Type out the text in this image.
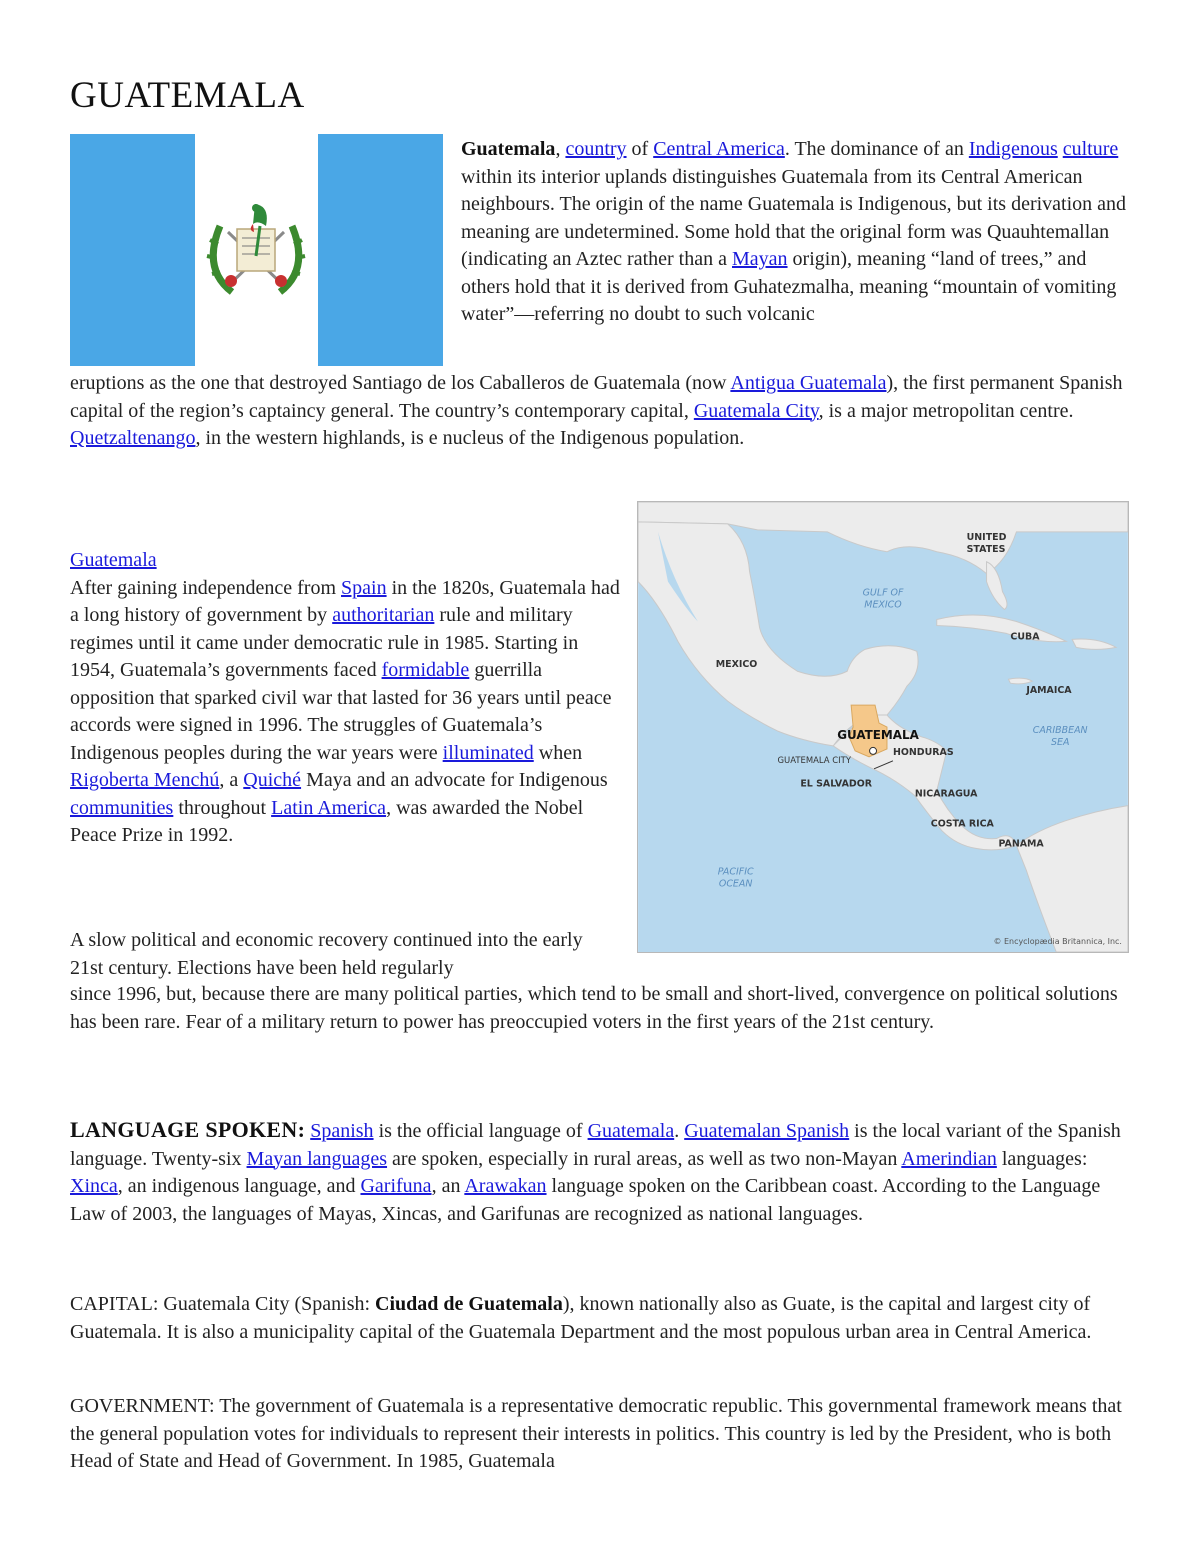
GUATEMALA

Guatemala, country of Central America. The dominance of an Indigenous culture within its interior uplands distinguishes Guatemala from its Central American neighbours. The origin of the name Guatemala is Indigenous, but its derivation and meaning are undetermined. Some hold that the original form was Quauhtemallan (indicating an Aztec rather than a Mayan origin), meaning “land of trees,” and others hold that it is derived from Guhatezmalha, meaning “mountain of vomiting water”—referring no doubt to such volcanic

eruptions as the one that destroyed Santiago de los Caballeros de Guatemala (now Antigua Guatemala), the first permanent Spanish capital of the region’s captaincy general. The country’s contemporary capital, Guatemala City, is a major metropolitan centre. Quetzaltenango, in the western highlands, is e nucleus of the Indigenous population.

UNITED
STATES
MEXICO
CUBA
JAMAICA
GUATEMALA
GUATEMALA CITY
HONDURAS
EL SALVADOR
NICARAGUA
COSTA RICA
PANAMA
GULF OF
MEXICO
CARIBBEAN
SEA
PACIFIC
OCEAN
© Encyclopædia Britannica, Inc.

Guatemala
After gaining independence from Spain in the 1820s, Guatemala had a long history of government by authoritarian rule and military regimes until it came under democratic rule in 1985. Starting in 1954, Guatemala’s governments faced formidable guerrilla opposition that sparked civil war that lasted for 36 years until peace accords were signed in 1996. The struggles of Guatemala’s Indigenous peoples during the war years were illuminated when Rigoberta Menchú, a Quiché Maya and an advocate for Indigenous communities throughout Latin America, was awarded the Nobel Peace Prize in 1992.

A slow political and economic recovery continued into the early 21st century. Elections have been held regularly

since 1996, but, because there are many political parties, which tend to be small and short-lived, convergence on political solutions has been rare. Fear of a military return to power has preoccupied voters in the first years of the 21st century.

LANGUAGE SPOKEN: Spanish is the official language of Guatemala. Guatemalan Spanish is the local variant of the Spanish language. Twenty-six Mayan languages are spoken, especially in rural areas, as well as two non-Mayan Amerindian languages: Xinca, an indigenous language, and Garifuna, an Arawakan language spoken on the Caribbean coast. According to the Language Law of 2003, the languages of Mayas, Xincas, and Garifunas are recognized as national languages.

CAPITAL: Guatemala City (Spanish: Ciudad de Guatemala), known nationally also as Guate, is the capital and largest city of Guatemala. It is also a municipality capital of the Guatemala Department and the most populous urban area in Central America.

GOVERNMENT: The government of Guatemala is a representative democratic republic. This governmental framework means that the general population votes for individuals to represent their interests in politics. This country is led by the President, who is both Head of State and Head of Government. In 1985, Guatemala
